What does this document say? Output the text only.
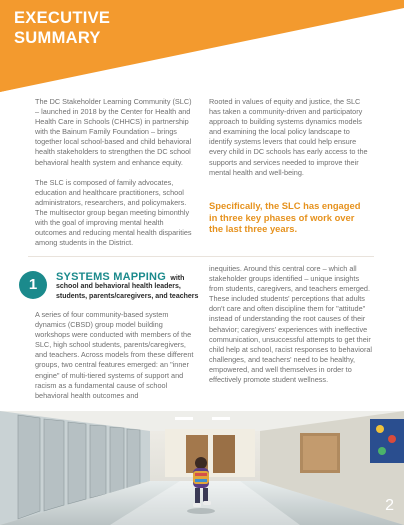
EXECUTIVE
SUMMARY

The DC Stakeholder Learning Community (SLC) – launched in 2018 by the Center for Health and Health Care in Schools (CHHCS) in partnership with the Bainum Family Foundation – brings together local school-based and child behavioral health stakeholders to strengthen the DC school behavioral health system and enhance equity.

The SLC is composed of family advocates, education and healthcare practitioners, school administrators, researchers, and policymakers. The multisector group began meeting bimonthly with the goal of improving mental health outcomes and reducing mental health disparities among students in the District.

Rooted in values of equity and justice, the SLC has taken a community-driven and participatory approach to building systems dynamics models and examining the local policy landscape to identify systems levers that could help ensure every child in DC schools has early access to the supports and services needed to improve their mental health and well-being.

Specifically, the SLC has engaged in three key phases of work over the last three years.
1	SYSTEMS MAPPING with
school and behavioral health leaders, students, parents/caregivers, and teachers
A series of four community-based system dynamics (CBSD) group model building workshops were conducted with members of the SLC, high school students, parents/caregivers, and teachers. Across models from these different groups, two central features emerged: an "inner engine" of multi-tiered systems of support and racism as a fundamental cause of school behavioral health outcomes and
inequities. Around this central core – which all stakeholder groups identified – unique insights from students, caregivers, and teachers emerged. These included students' perceptions that adults don't care and often discipline them for "attitude" instead of understanding the root causes of their behavior; caregivers' experiences with ineffective communication, unsuccessful attempts to get their child help at school, racist responses to behavioral challenges, and teachers' need to be healthy, empowered, and well themselves in order to effectively promote student wellness.
2
